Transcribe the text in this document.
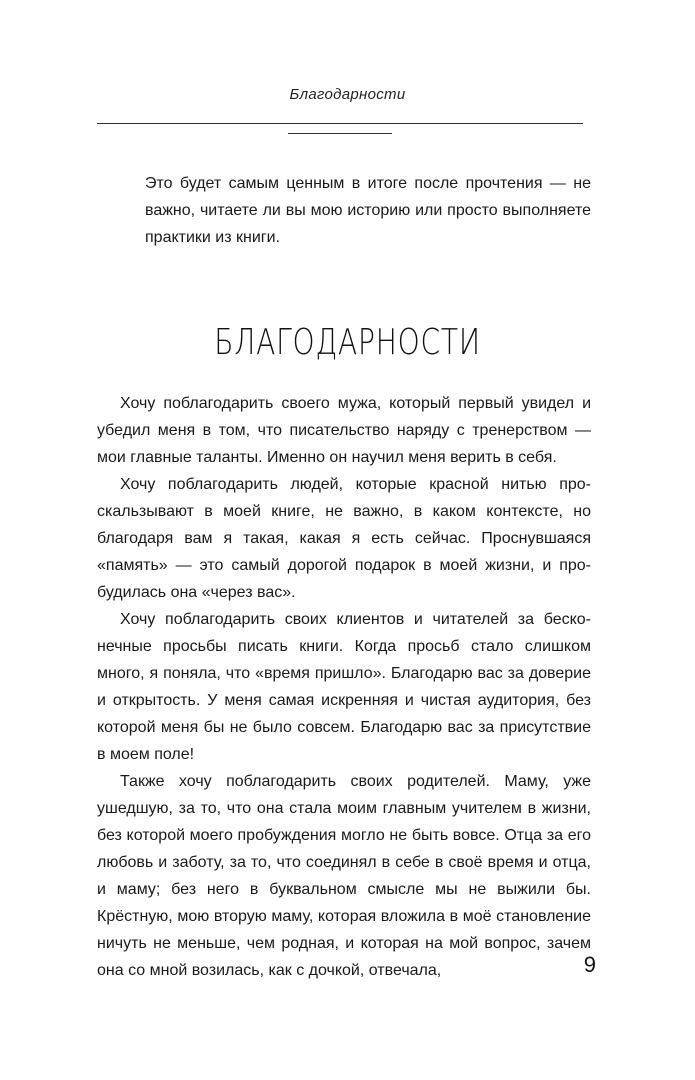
Благодарности
Это будет самым ценным в итоге после прочтения — не важно, читаете ли вы мою историю или просто выполняете практики из книги.
БЛАГОДАРНОСТИ

Хочу поблагодарить своего мужа, который первый увидел и убедил меня в том, что писательство наряду с тренерством — мои главные таланты. Именно он научил меня верить в себя.

Хочу поблагодарить людей, которые красной нитью проскальзывают в моей книге, не важно, в каком контексте, но благодаря вам я такая, какая я есть сейчас. Проснувшаяся «память» — это самый дорогой подарок в моей жизни, и пробудилась она «через вас».

Хочу поблагодарить своих клиентов и читателей за бесконечные просьбы писать книги. Когда просьб стало слишком много, я поняла, что «время пришло». Благодарю вас за доверие и открытость. У меня самая искренняя и чистая аудитория, без которой меня бы не было совсем. Благодарю вас за присутствие в моем поле!

Также хочу поблагодарить своих родителей. Маму, уже ушедшую, за то, что она стала моим главным учителем в жизни, без которой моего пробуждения могло не быть вовсе. Отца за его любовь и заботу, за то, что соединял в себе в своё время и отца, и маму; без него в буквальном смысле мы не выжили бы. Крёстную, мою вторую маму, которая вложила в моё становление ничуть не меньше, чем родная, и которая на мой вопрос, зачем она со мной возилась, как с дочкой, отвечала,	9
